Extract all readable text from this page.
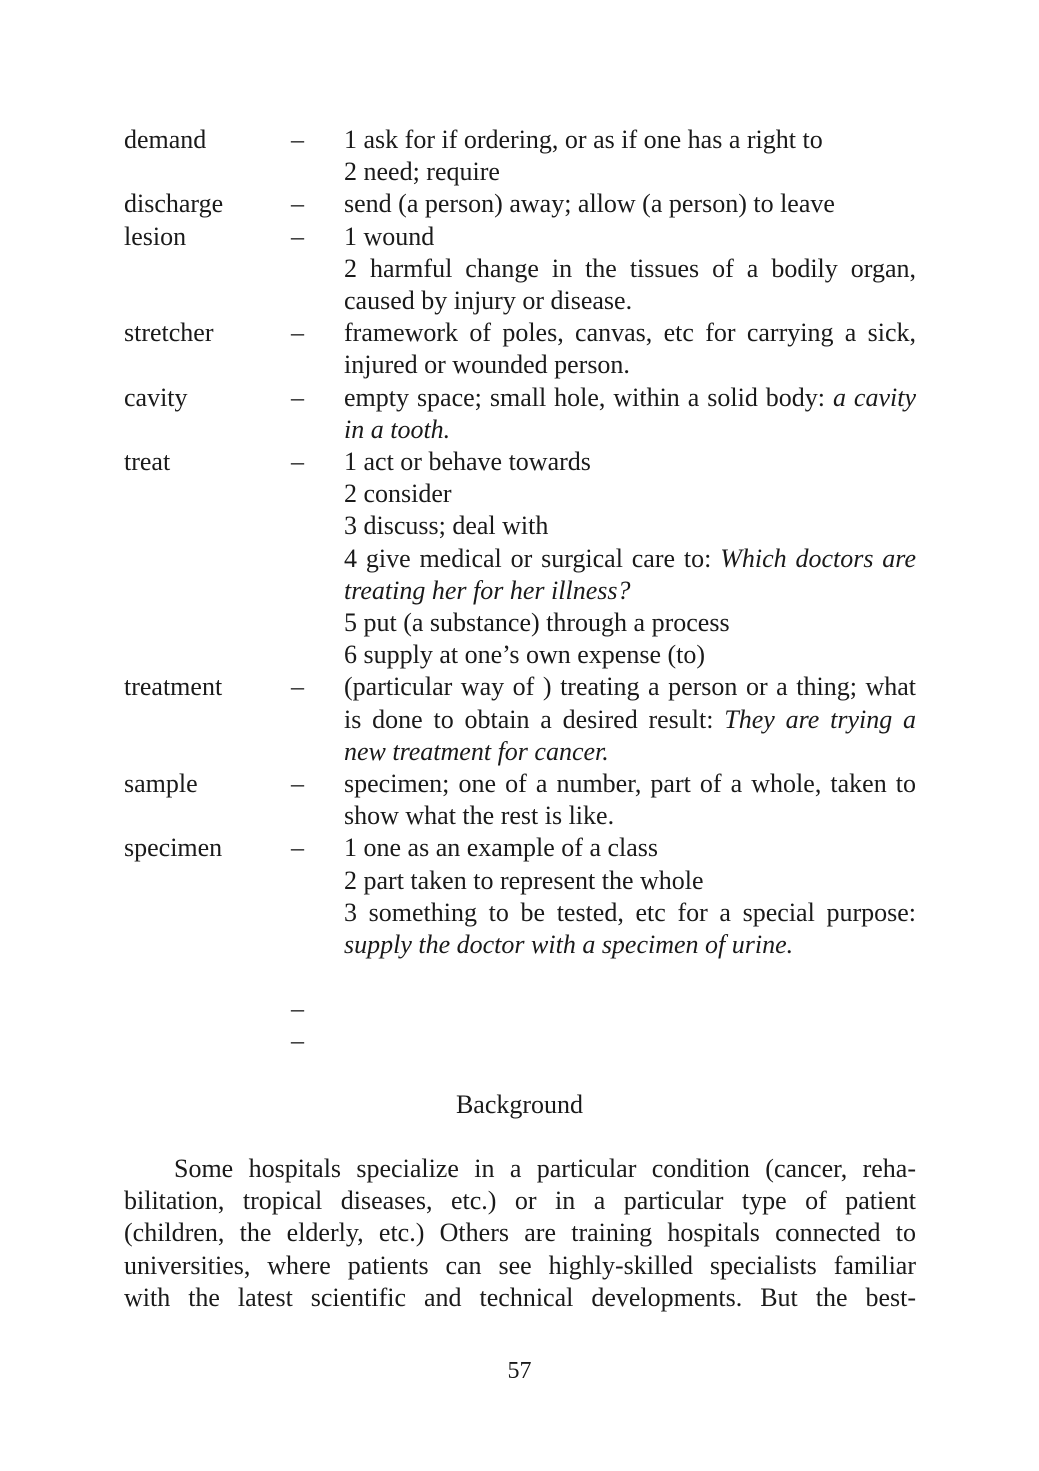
demand	–	1 ask for if ordering, or as if one has a right to
2 need; require
discharge	–	send (a person) away; allow (a person) to leave
lesion	–	1 wound
2 harmful change in the tissues of a bodily organ, caused by injury or disease.
stretcher	–	framework of poles, canvas, etc for carrying a sick, injured or wounded person.
cavity	–	empty space; small hole, within a solid body: a cavity in a tooth.
treat	–	1 act or behave towards
2 consider
3 discuss; deal with
4 give medical or surgical care to: Which doctors are treating her for her illness?
5 put (a substance) through a process
6 supply at one’s own expense (to)
treatment	–	(particular way of ) treating a person or a thing; what is done to obtain a desired result: They are trying a new treatment for cancer.
sample	–	specimen; one of a number, part of a whole, taken to show what the rest is like.
specimen	–	1 one as an example of a class
2 part taken to represent the whole
3 something to be tested, etc for a special purpose: supply the doctor with a specimen of urine.
–
–
Background

Some hospitals specialize in a particular condition (cancer, reha-
bilitation, tropical diseases, etc.) or in a particular type of patient
(children, the elderly, etc.) Others are training hospitals connected to
universities, where patients can see highly-skilled specialists familiar
with the latest scientific and technical developments. But the best-

57
